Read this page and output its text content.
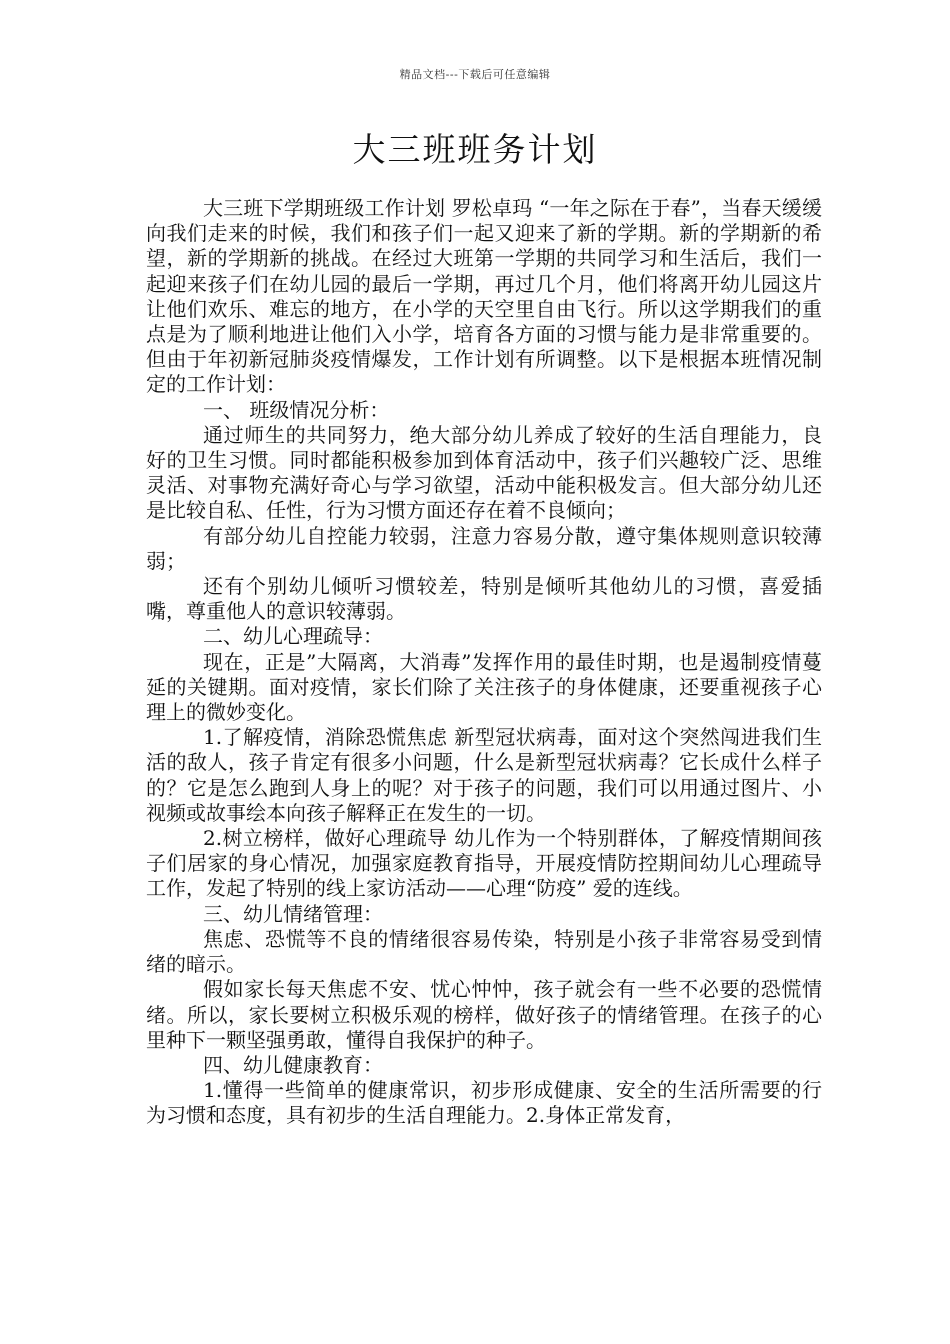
精品文档---下载后可任意编辑
大三班班务计划

大三班下学期班级工作计划 罗松卓玛 “一年之际在于春”，当春天缓缓向我们走来的时候，我们和孩子们一起又迎来了新的学期。新的学期新的希望，新的学期新的挑战。在经过大班第一学期的共同学习和生活后，我们一起迎来孩子们在幼儿园的最后一学期，再过几个月，他们将离开幼儿园这片让他们欢乐、难忘的地方，在小学的天空里自由飞行。所以这学期我们的重点是为了顺利地进让他们入小学，培育各方面的习惯与能力是非常重要的。但由于年初新冠肺炎疫情爆发，工作计划有所调整。以下是根据本班情况制定的工作计划：

一、 班级情况分析：

通过师生的共同努力，绝大部分幼儿养成了较好的生活自理能力，良好的卫生习惯。同时都能积极参加到体育活动中，孩子们兴趣较广泛、思维灵活、对事物充满好奇心与学习欲望，活动中能积极发言。但大部分幼儿还是比较自私、任性，行为习惯方面还存在着不良倾向；

有部分幼儿自控能力较弱，注意力容易分散，遵守集体规则意识较薄弱；

还有个别幼儿倾听习惯较差，特别是倾听其他幼儿的习惯，喜爱插嘴，尊重他人的意识较薄弱。

二、幼儿心理疏导：

现在，正是”大隔离，大消毒”发挥作用的最佳时期，也是遏制疫情蔓延的关键期。面对疫情，家长们除了关注孩子的身体健康，还要重视孩子心理上的微妙变化。

1.了解疫情，消除恐慌焦虑 新型冠状病毒，面对这个突然闯进我们生活的敌人，孩子肯定有很多小问题，什么是新型冠状病毒？它长成什么样子的？它是怎么跑到人身上的呢？对于孩子的问题，我们可以用通过图片、小视频或故事绘本向孩子解释正在发生的一切。

2.树立榜样，做好心理疏导 幼儿作为一个特别群体，了解疫情期间孩子们居家的身心情况，加强家庭教育指导，开展疫情防控期间幼儿心理疏导工作，发起了特别的线上家访活动——心理“防疫” 爱的连线。

三、幼儿情绪管理：

焦虑、恐慌等不良的情绪很容易传染，特别是小孩子非常容易受到情绪的暗示。

假如家长每天焦虑不安、忧心忡忡，孩子就会有一些不必要的恐慌情绪。所以，家长要树立积极乐观的榜样，做好孩子的情绪管理。在孩子的心里种下一颗坚强勇敢，懂得自我保护的种子。

四、幼儿健康教育：

1.懂得一些简单的健康常识，初步形成健康、安全的生活所需要的行为习惯和态度，具有初步的生活自理能力。2.身体正常发育，
